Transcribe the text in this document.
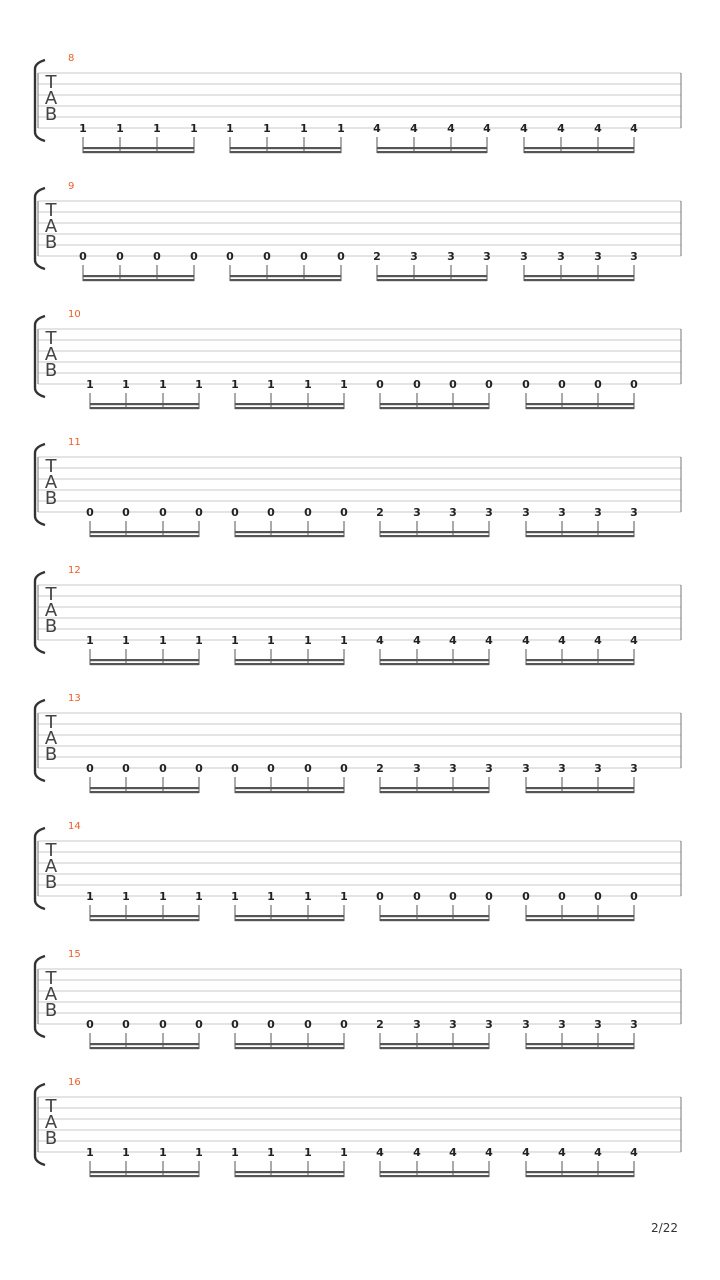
T
A
B
8
1	1	1	1	1	1	1	1	4	4	4	4	4	4	4	4
T
A
B
9
0	0	0	0	0	0	0	0	2	3	3	3	3	3	3	3
T
A
B
10
1	1	1	1	1	1	1	1	0	0	0	0	0	0	0	0
T
A
B
11
0	0	0	0	0	0	0	0	2	3	3	3	3	3	3	3
T
A
B
12
1	1	1	1	1	1	1	1	4	4	4	4	4	4	4	4
T
A
B
13
0	0	0	0	0	0	0	0	2	3	3	3	3	3	3	3
T
A
B
14
1	1	1	1	1	1	1	1	0	0	0	0	0	0	0	0
T
A
B
15
0	0	0	0	0	0	0	0	2	3	3	3	3	3	3	3
T
A
B
16
1	1	1	1	1	1	1	1	4	4	4	4	4	4	4	4
2/22
